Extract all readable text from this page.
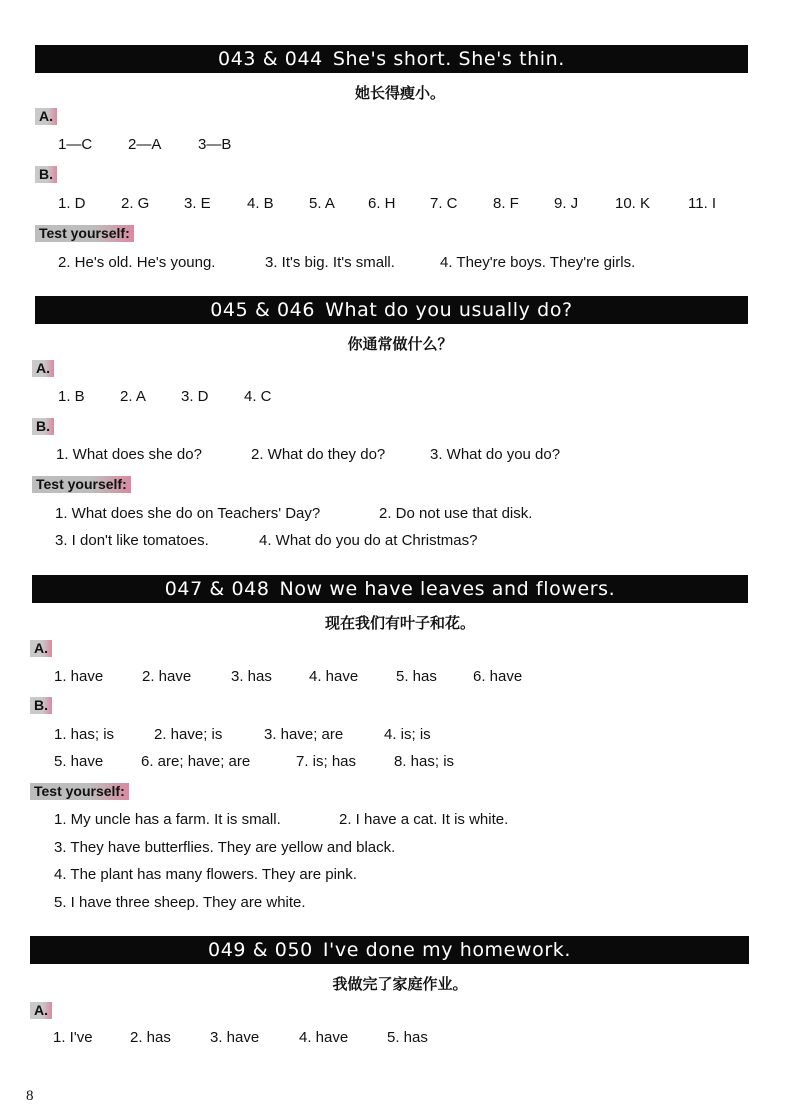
043 & 044 She's short. She's thin.
她长得瘦小。
A.
1—C 2—A 3—B
B.
1. D 2. G 3. E 4. B 5. A 6. H 7. C 8. F 9. J 10. K	11. I
Test yourself:
2. He's old. He's young.	3. It's big. It's small.	4. They're boys. They're girls.
045 & 046 What do you usually do?
你通常做什么？
A.
1. B 2. A 3. D 4. C
B.
1. What does she do?	2. What do they do?	3. What do you do?
Test yourself:
1. What does she do on Teachers' Day?	2. Do not use that disk.
3. I don't like tomatoes.	4. What do you do at Christmas?
047 & 048 Now we have leaves and flowers.
现在我们有叶子和花。
A.
1. have	2. have	3. has 4. have	5. has 6. have
B.
1. has; is	2. have; is	3. have; are	4. is; is
5. have	6. are; have; are	7. is; has	8. has; is
Test yourself:
1. My uncle has a farm. It is small.	2. I have a cat. It is white.
3. They have butterflies. They are yellow and black.
4. The plant has many flowers. They are pink.
5. I have three sheep. They are white.
049 & 050 I've done my homework.
我做完了家庭作业。
A.
1. I've 2. has	3. have	4. have	5. has
8
